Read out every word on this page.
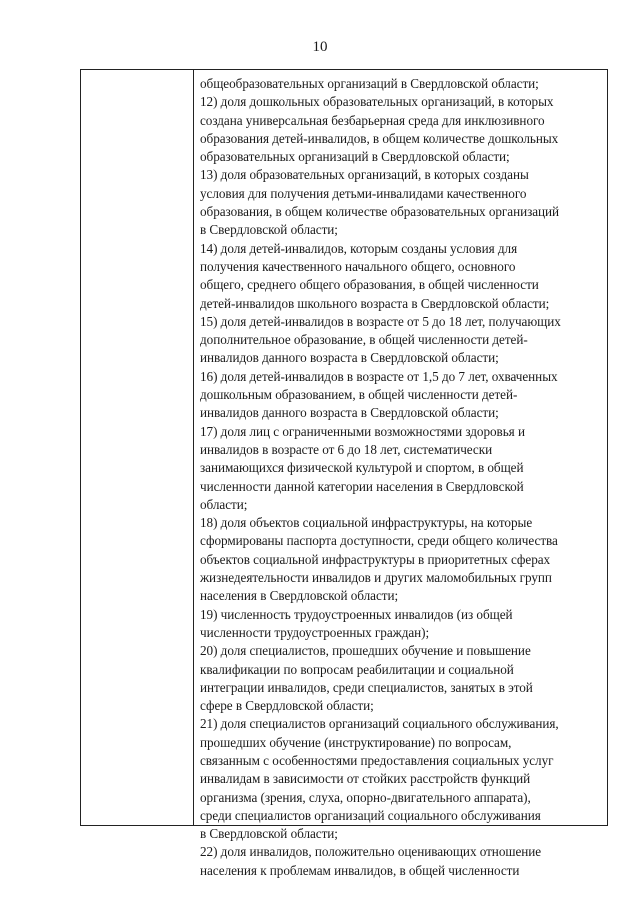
10
общеобразовательных организаций в Свердловской области;
12) доля дошкольных образовательных организаций, в которых
создана универсальная безбарьерная среда для инклюзивного
образования детей-инвалидов, в общем количестве дошкольных
образовательных организаций в Свердловской области;
13) доля образовательных организаций, в которых созданы
условия для получения детьми-инвалидами качественного
образования, в общем количестве образовательных организаций
в Свердловской области;
14) доля детей-инвалидов, которым созданы условия для
получения качественного начального общего, основного
общего, среднего общего образования, в общей численности
детей-инвалидов школьного возраста в Свердловской области;
15) доля детей-инвалидов в возрасте от 5 до 18 лет, получающих
дополнительное образование, в общей численности детей-
инвалидов данного возраста в Свердловской области;
16) доля детей-инвалидов в возрасте от 1,5 до 7 лет, охваченных
дошкольным образованием, в общей численности детей-
инвалидов данного возраста в Свердловской области;
17) доля лиц с ограниченными возможностями здоровья и
инвалидов в возрасте от 6 до 18 лет, систематически
занимающихся физической культурой и спортом, в общей
численности данной категории населения в Свердловской
области;
18) доля объектов социальной инфраструктуры, на которые
сформированы паспорта доступности, среди общего количества
объектов социальной инфраструктуры в приоритетных сферах
жизнедеятельности инвалидов и других маломобильных групп
населения в Свердловской области;
19) численность трудоустроенных инвалидов (из общей
численности трудоустроенных граждан);
20) доля специалистов, прошедших обучение и повышение
квалификации по вопросам реабилитации и социальной
интеграции инвалидов, среди специалистов, занятых в этой
сфере в Свердловской области;
21) доля специалистов организаций социального обслуживания,
прошедших обучение (инструктирование) по вопросам,
связанным с особенностями предоставления социальных услуг
инвалидам в зависимости от стойких расстройств функций
организма (зрения, слуха, опорно-двигательного аппарата),
среди специалистов организаций социального обслуживания
в Свердловской области;
22) доля инвалидов, положительно оценивающих отношение
населения к проблемам инвалидов, в общей численности
